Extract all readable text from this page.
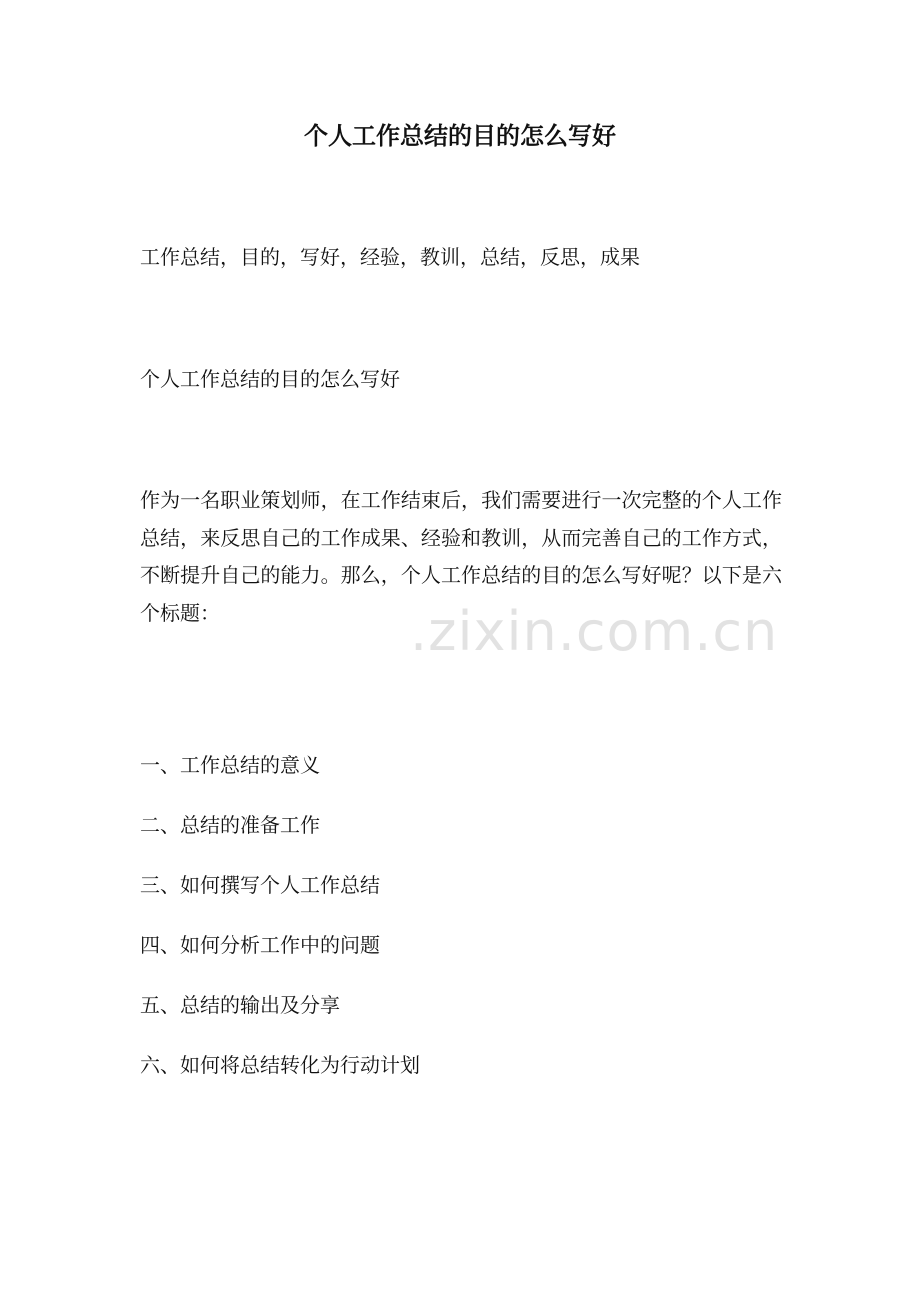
个人工作总结的目的怎么写好
工作总结，目的，写好，经验，教训，总结，反思，成果
个人工作总结的目的怎么写好
作为一名职业策划师，在工作结束后，我们需要进行一次完整的个人工作总结，来反思自己的工作成果、经验和教训，从而完善自己的工作方式，不断提升自己的能力。那么，个人工作总结的目的怎么写好呢？以下是六个标题：
一、工作总结的意义
二、总结的准备工作
三、如何撰写个人工作总结
四、如何分析工作中的问题
五、总结的输出及分享
六、如何将总结转化为行动计划
.zixin.com.cn
